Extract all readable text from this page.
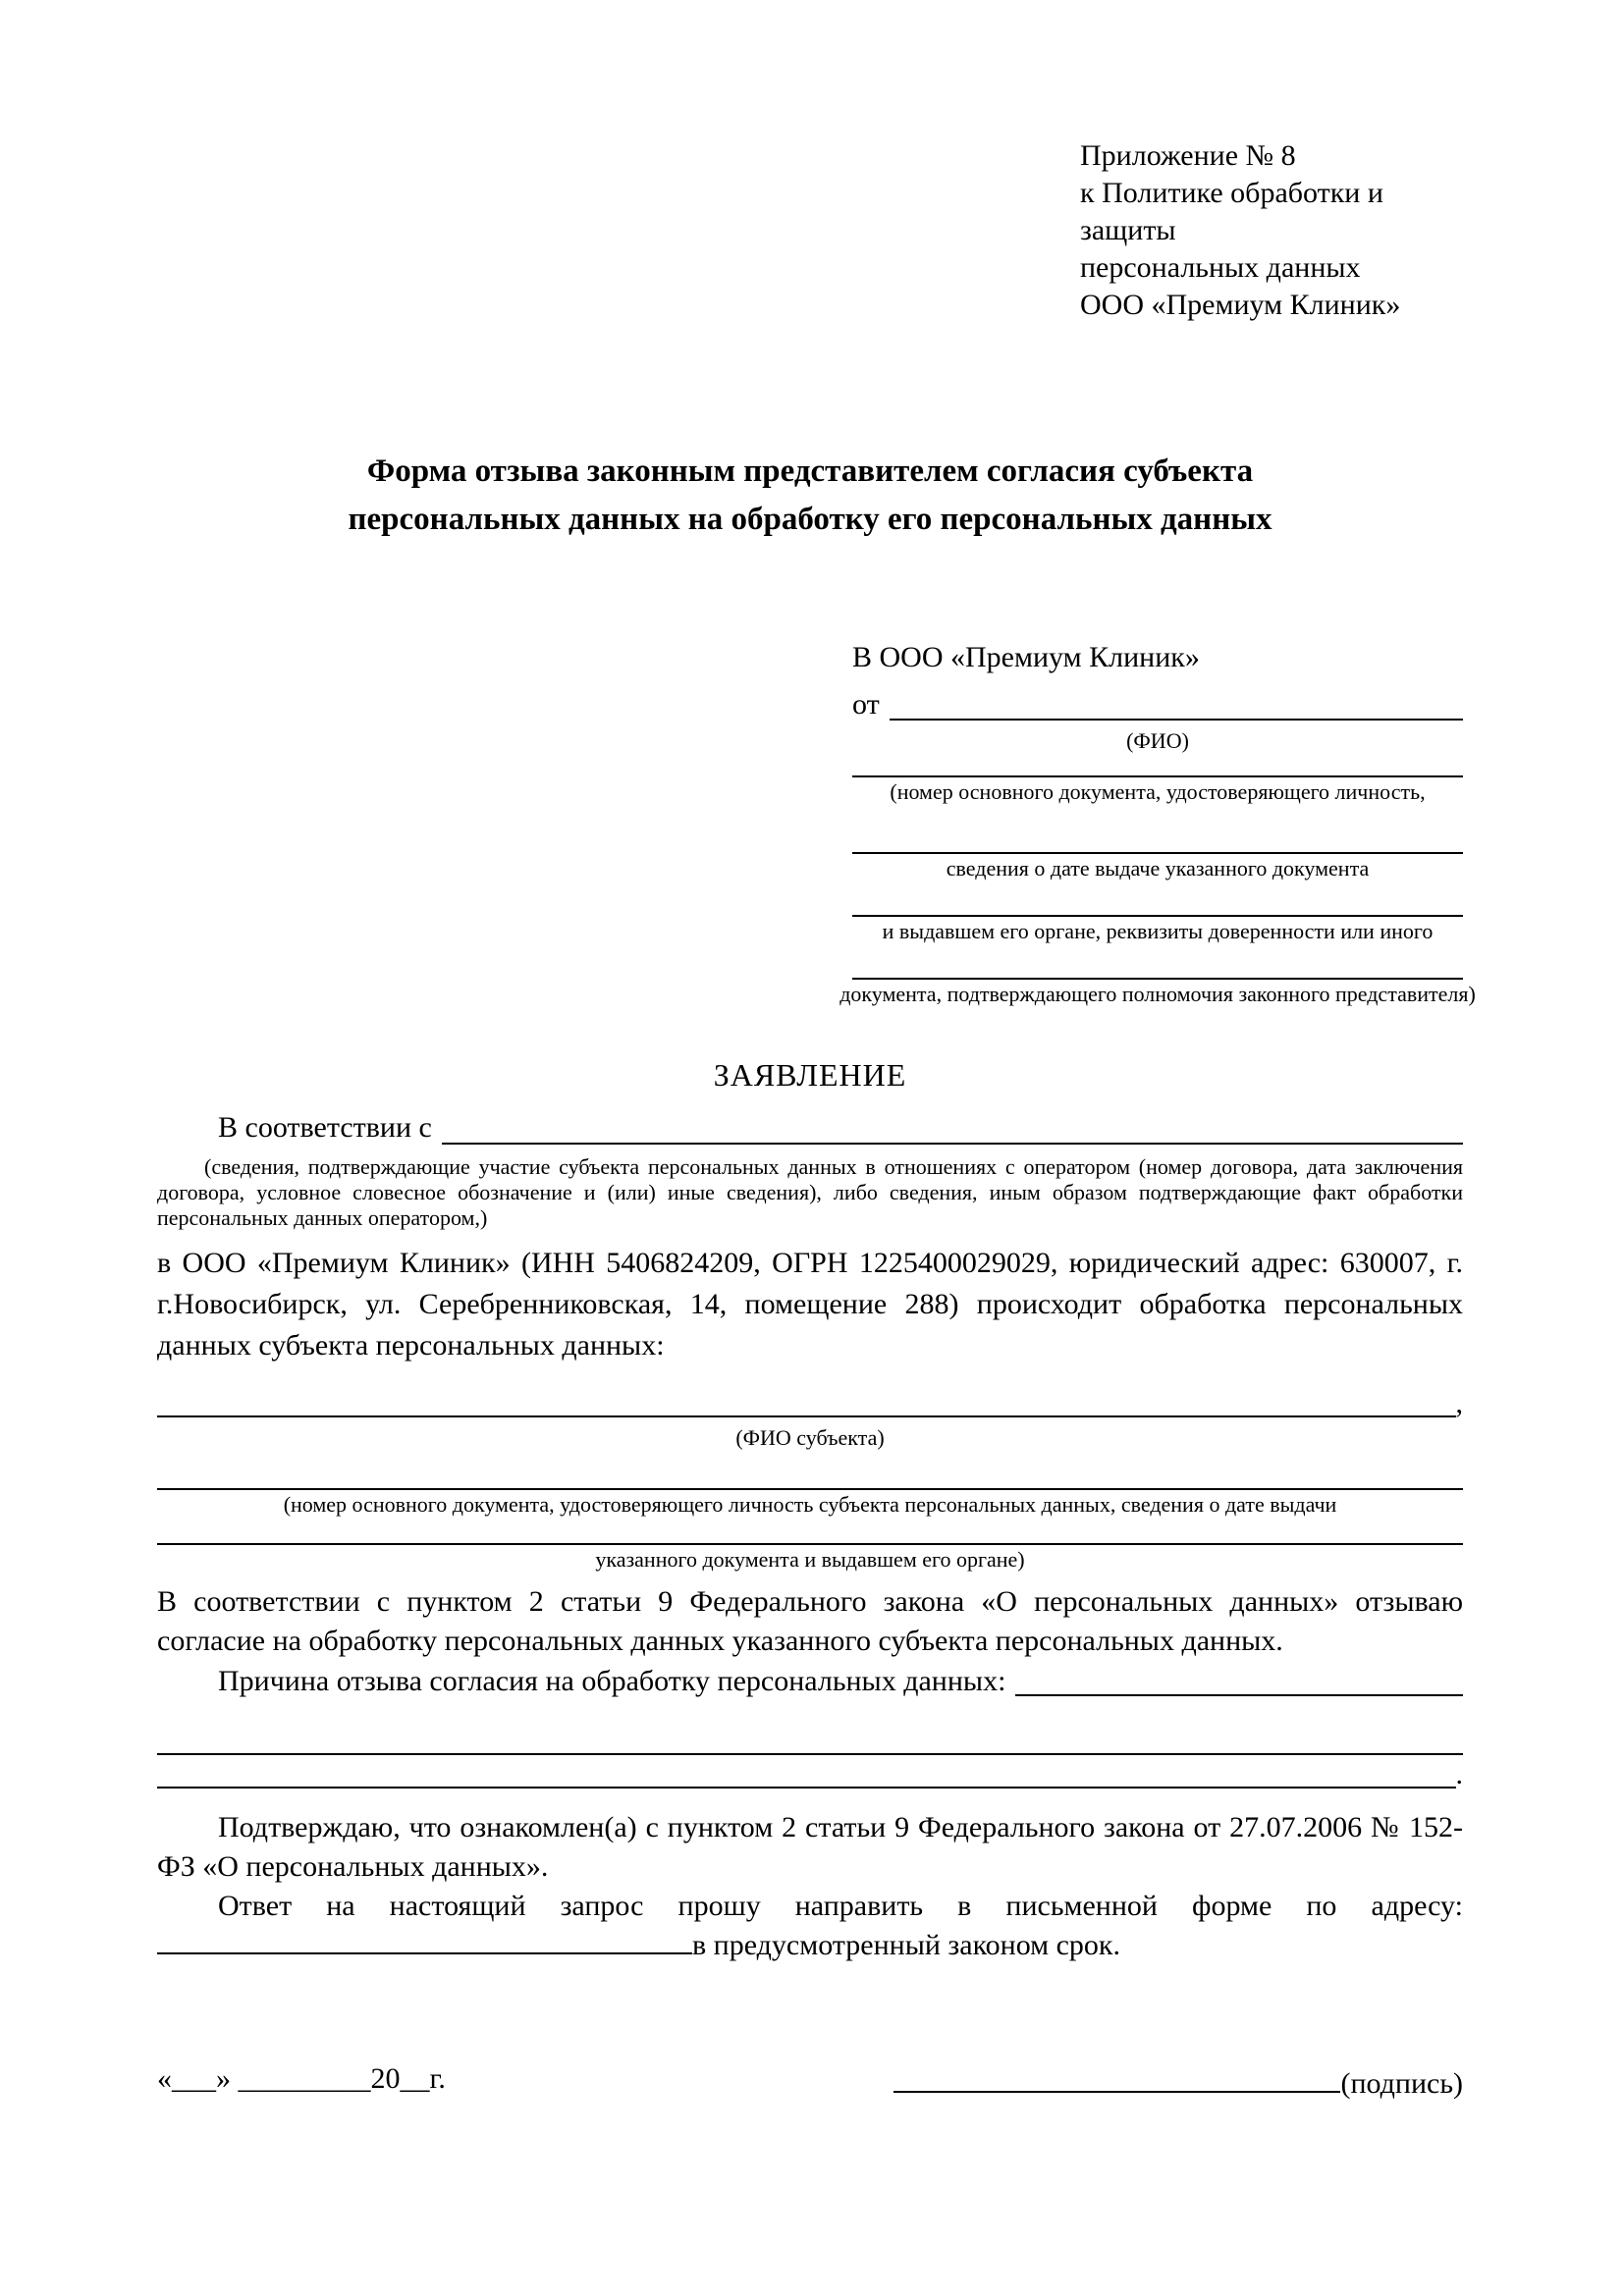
Приложение № 8
к Политике обработки и защиты
персональных данных
ООО «Премиум Клиник»
Форма отзыва законным представителем согласия субъекта
персональных данных на обработку его персональных данных
В ООО «Премиум Клиник»
от
(ФИО)
(номер основного документа, удостоверяющего личность,
сведения о дате выдаче указанного документа
и выдавшем его органе, реквизиты доверенности или иного
документа, подтверждающего полномочия законного представителя)
ЗАЯВЛЕНИЕ
В соответствии с
(сведения, подтверждающие участие субъекта персональных данных в отношениях с оператором (номер договора, дата заключения договора, условное словесное обозначение и (или) иные сведения), либо сведения, иным образом подтверждающие факт обработки персональных данных оператором,)
в ООО «Премиум Клиник» (ИНН 5406824209, ОГРН 1225400029029, юридический адрес: 630007, г. г.Новосибирск, ул. Серебренниковская, 14, помещение 288) происходит обработка персональных данных субъекта персональных данных:
,
(ФИО субъекта)
(номер основного документа, удостоверяющего личность субъекта персональных данных, сведения о дате выдачи
указанного документа и выдавшем его органе)
В соответствии с пунктом 2 статьи 9 Федерального закона «О персональных данных» отзываю согласие на обработку персональных данных указанного субъекта персональных данных.
Причина отзыва согласия на обработку персональных данных:
.
Подтверждаю, что ознакомлен(а) с пунктом 2 статьи 9 Федерального закона от 27.07.2006 № 152-ФЗ «О персональных данных».
Ответ на настоящий запрос прошу направить в письменной форме по адресу: в предусмотренный законом срок.
«___» _________20__г.	(подпись)
